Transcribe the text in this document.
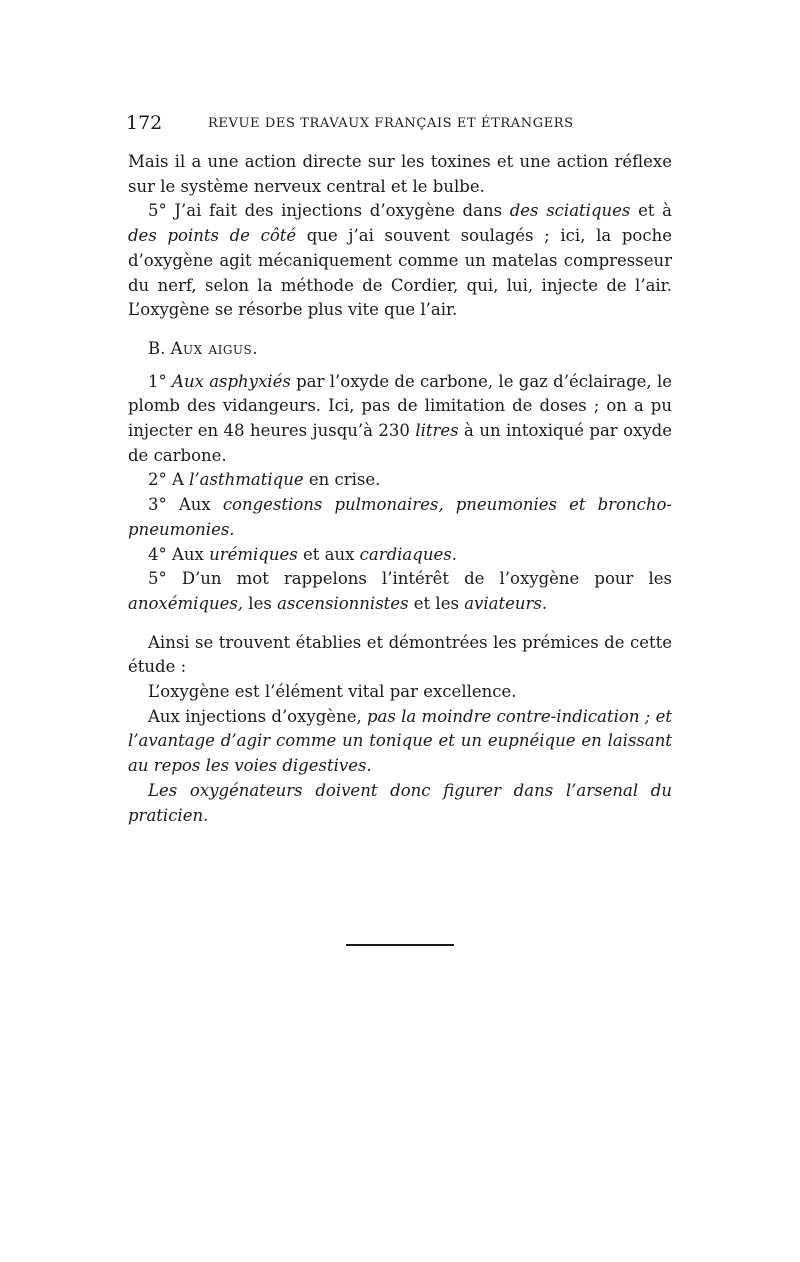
172	REVUE DES TRAVAUX FRANÇAIS ET ÉTRANGERS

Mais il a une action directe sur les toxines et une action réflexe sur le système nerveux central et le bulbe.

5° J’ai fait des injections d’oxygène dans des sciatiques et à des points de côté que j’ai souvent soulagés ; ici, la poche d’oxygène agit mécaniquement comme un matelas compresseur du nerf, selon la méthode de Cordier, qui, lui, injecte de l’air. L’oxygène se résorbe plus vite que l’air.

B. Aux aigus.

1° Aux asphyxiés par l’oxyde de carbone, le gaz d’éclairage, le plomb des vidangeurs. Ici, pas de limitation de doses ; on a pu injecter en 48 heures jusqu’à 230 litres à un intoxiqué par oxyde de carbone.

2° A l’asthmatique en crise.

3° Aux congestions pulmonaires, pneumonies et broncho-pneumonies.

4° Aux urémiques et aux cardiaques.

5° D’un mot rappelons l’intérêt de l’oxygène pour les anoxémiques, les ascensionnistes et les aviateurs.

Ainsi se trouvent établies et démontrées les prémices de cette étude :

L’oxygène est l’élément vital par excellence.

Aux injections d’oxygène, pas la moindre contre-indication ; et l’avantage d’agir comme un tonique et un eupnéique en laissant au repos les voies digestives.

Les oxygénateurs doivent donc figurer dans l’arsenal du praticien.
